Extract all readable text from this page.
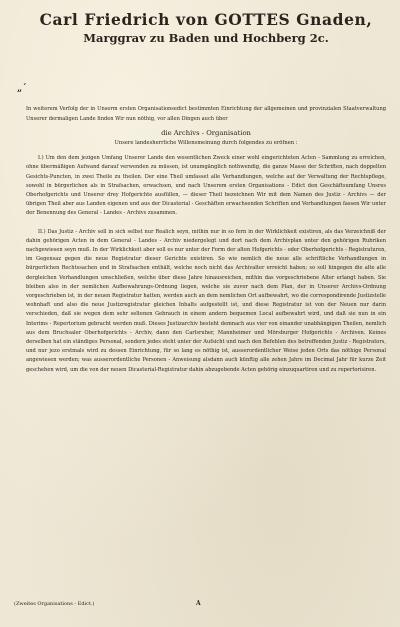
Carl Friedrich von GOTTES Gnaden,
Marggrav zu Baden und Hochberg 2c.
„´
In weiterem Verfolg der in Unserm ersten Organisationsedict bestimmten Einrichtung der allgemeinen und provinzialen Staatverwaltung Unserer dermaligen Lande finden Wir nun nöthig, vor allen Dingen auch über
die Archivs - Organisation
Unsere landesherrliche Willensmeinung durch folgendes zu eröfnen :

I.) Um den dem jezigen Umfang Unserer Lande den wesentlichen Zweck einer wohl eingerichteten Acten - Sammlung zu erreichen, ohne übermäßigen Aufwand darauf verwenden zu müssen, ist unumgänglich nothwendig, die ganze Masse der Schriften, nach doppelten Gesichts-Puncten, in zwei Theile zu theilen. Der eine Theil umfasset alle Verhandlungen, welche auf der Verwaltung der Rechtspflege, sowohl in bürgerlichen als in Strafsachen, erwachsen, und nach Unserem ersten Organisations - Edict den Geschäftsumfang Unsres Oberhofgerichts und Unserer drey Hofgerichte ausfüllen, — dieser Theil bezeichnen Wir mit dem Namen des Justiz - Archivs — der übrigen Theil aber aus Landen eigenen und aus der Dicasterial - Geschäften erwachsenden Schriften und Verhandlungen fassen Wir unter der Benennung des General - Landes - Archivs zusammen.

II.) Das Justiz - Archiv soll in sich selbst nur Realich seyn, mithin nur in so fern in der Wirklichkeit existiren, als das Verzeichniß der dahin gehörigen Acten in dem General - Landes - Archiv niedergelegt und dort nach dem Archivplan unter den gehörigen Rubriken nachgewiesen seyn muß. In der Wirklichkeit aber soll es nur unter der Form der alten Hofgerichts - oder Oberhofgerichts - Registraturen, im Gegensaz gegen die neue Registratur dieser Gerichte existiren. So wie nemlich die neue alle schriftliche Verhandlungen in bürgerlichen Rechtssachen und in Strafsachen enthält, welche noch nicht das Archivalter erreicht haben; so soll hingegen die alte alle dergleichen Verhandlungen umschließen, welche über diese Jahre hinausreichen, mithin das vorgeschriebene Alter erlangt haben. Sie bleiben also in der nemlichen Aufbewahrungs-Ordnung liegen, welche sie zuvor nach dem Plan, der in Unserer Archivs-Ordnung vorgeschrieben ist, in der neuen Registratur hatten, werden auch an dem nemlichen Ort aufbewahrt, wo die correspondirende Justizstelle wohnhaft und also die neue Justizregistratur gleichen Inhalts aufgestellt ist, und diese Registratur ist von der Neuen nur darin verschieden, daß sie wegen dem sehr seltenen Gebrauch in einem andern bequemen Local aufbewahrt wird, und daß sie nun in ein Interims - Repertorium gebracht werden muß. Dieses Justizarchiv besteht demnach aus vier von einander unabhängigen Theilen, nemlich aus dem Bruchsaler Oberhofgerichts - Archiv, dann den Carlsruher, Mannheimer und Mörsburger Hofgerichts - Archiven. Keines derselben hat ein ständiges Personal, sondern jedes steht unter der Aufsicht und nach den Befehlen des betreffenden Justiz - Registrators, und nur jezo erstmals wird zu dessen Einrichtung, für so lang es nöthig ist, ausserordentlicher Weise jeden Orts das nöthige Personal angewiesen werden; was ausserordentliche Personen - Anweisung alsdann auch künftig alle zehen Jahre im Decimal Jahr für kurze Zeit geschehen wird, um die von der neuen Dicasterial-Registratur dahin abzugebende Acten gehörig einzuquartiren und zu repertorisiren.

(Zweites Organisations - Edict.)	A
